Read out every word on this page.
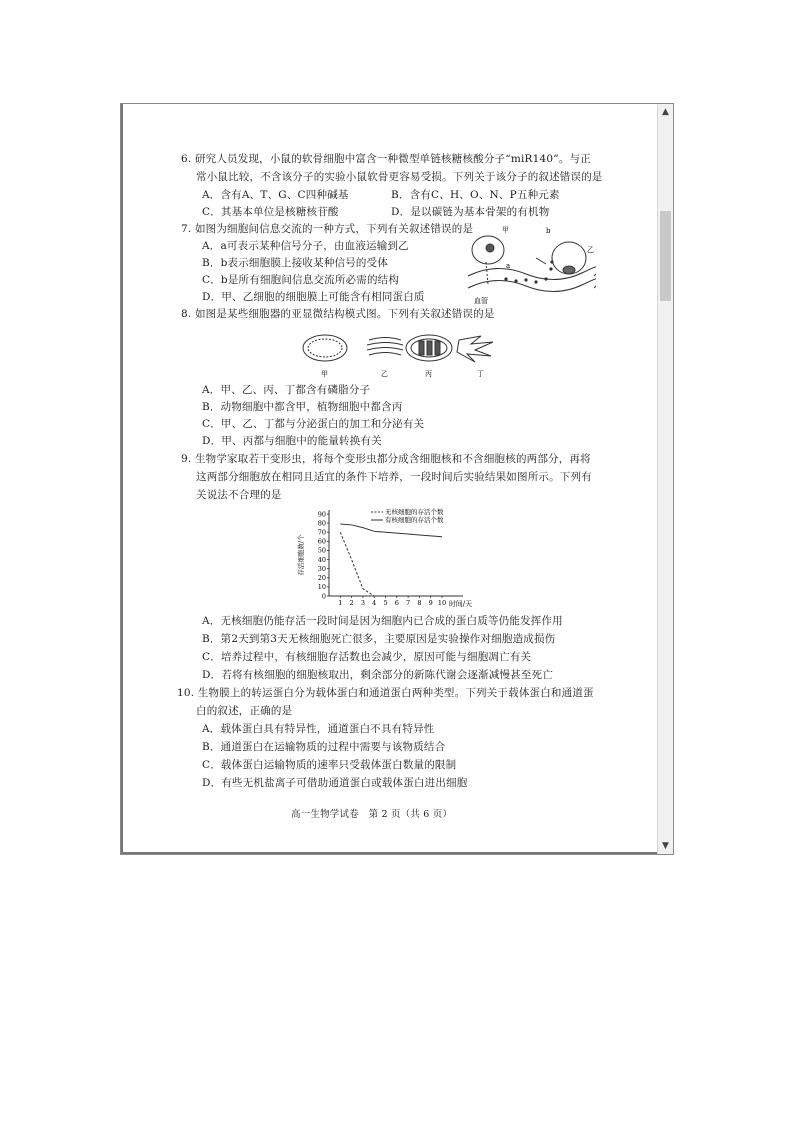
6. 研究人员发现，小鼠的软骨细胞中富含一种微型单链核糖核酸分子“miR140”。与正
常小鼠比较，不含该分子的实验小鼠软骨更容易受损。下列关于该分子的叙述错误的是
A．含有A、T、G、C四种碱基	B．含有C、H、O、N、P五种元素
C．其基本单位是核糖核苷酸	D．是以碳链为基本骨架的有机物
7. 如图为细胞间信息交流的一种方式，下列有关叙述错误的是
A．a可表示某种信号分子，由血液运输到乙
B．b表示细胞膜上接收某种信号的受体
C．b是所有细胞间信息交流所必需的结构
D．甲、乙细胞的细胞膜上可能含有相同蛋白质
甲
乙
a
b
血管
8. 如图是某些细胞器的亚显微结构模式图。下列有关叙述错误的是
甲	乙	丙	丁
A．甲、乙、丙、丁都含有磷脂分子
B．动物细胞中都含甲，植物细胞中都含丙
C．甲、乙、丁都与分泌蛋白的加工和分泌有关
D．甲、丙都与细胞中的能量转换有关
9. 生物学家取若干变形虫，将每个变形虫都分成含细胞核和不含细胞核的两部分，再将
这两部分细胞放在相同且适宜的条件下培养，一段时间后实验结果如图所示。下列有
关说法不合理的是
0
10
20
30
40
50
60
70
80
90
1 2 3 4 5 6 7 8 9 10
无核细胞的存活个数
有核细胞的存活个数
存活细胞数/个
时间/天
A．无核细胞仍能存活一段时间是因为细胞内已合成的蛋白质等仍能发挥作用
B．第2天到第3天无核细胞死亡很多，主要原因是实验操作对细胞造成损伤
C．培养过程中，有核细胞存活数也会减少，原因可能与细胞凋亡有关
D．若将有核细胞的细胞核取出，剩余部分的新陈代谢会逐渐减慢甚至死亡
10. 生物膜上的转运蛋白分为载体蛋白和通道蛋白两种类型。下列关于载体蛋白和通道蛋
白的叙述，正确的是
A．载体蛋白具有特异性，通道蛋白不具有特异性
B．通道蛋白在运输物质的过程中需要与该物质结合
C．载体蛋白运输物质的速率只受载体蛋白数量的限制
D．有些无机盐离子可借助通道蛋白或载体蛋白进出细胞
高一生物学试卷　第 2 页（共 6 页）
▲
▼
